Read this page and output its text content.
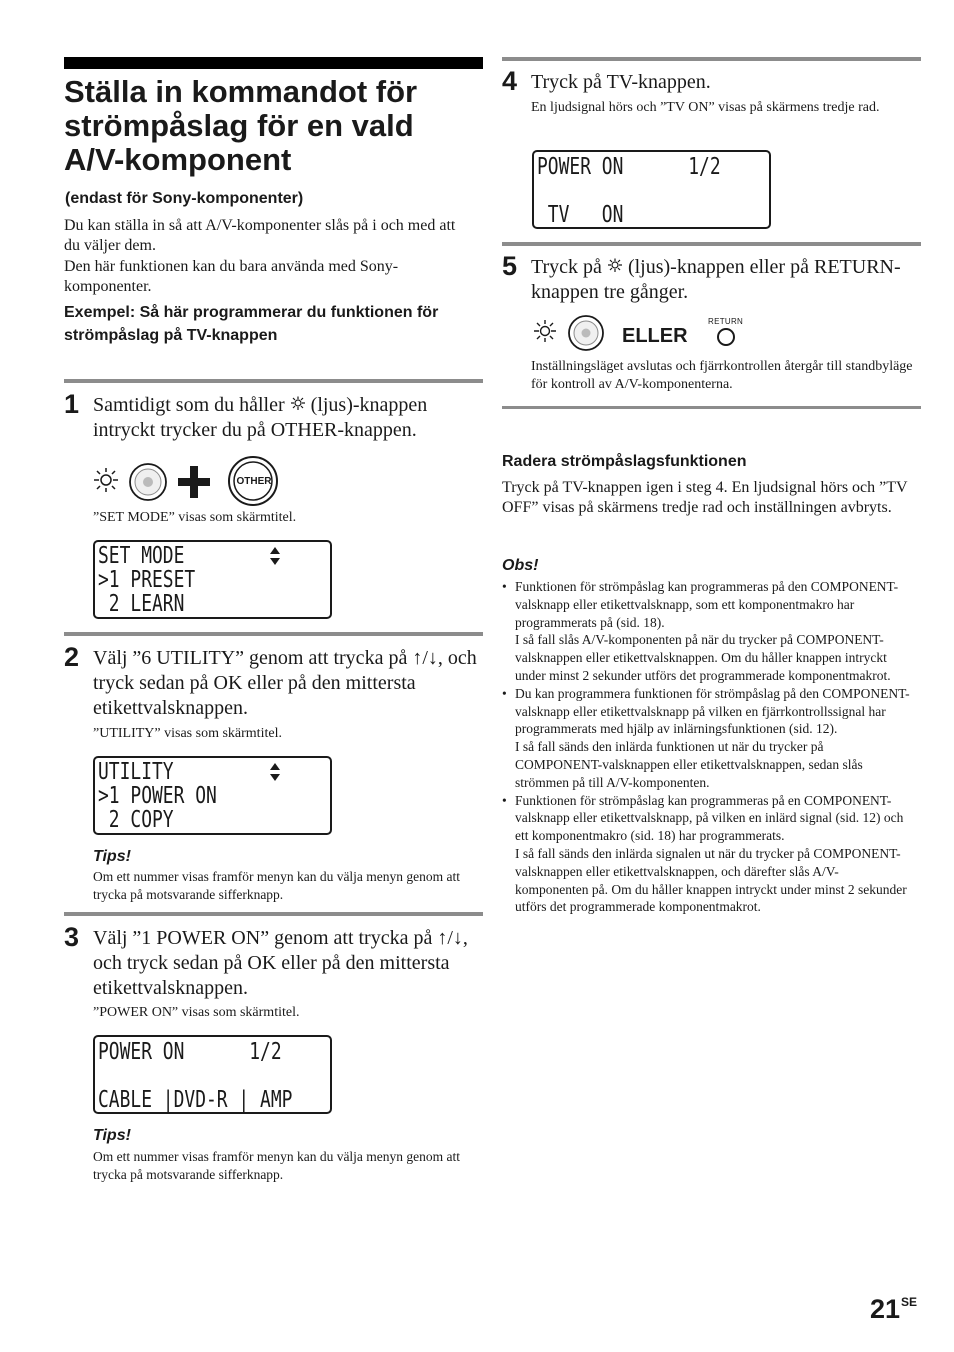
Ställa in kommandot för strömpåslag för en vald A/V-komponent
(endast för Sony-komponenter)
Du kan ställa in så att A/V-komponenter slås på i och med att du väljer dem.
Den här funktionen kan du bara använda med Sony-komponenter.
Exempel: Så här programmerar du funktionen för strömpåslag på TV-knappen
1 Samtidigt som du håller  (ljus)-knappen intryckt trycker du på OTHER-knappen.
OTHER
”SET MODE” visas som skärmtitel.
SET MODE
>1 PRESET
2 LEARN
2 Välj ”6 UTILITY” genom att trycka på ↑/↓, och tryck sedan på OK eller på den mittersta etikettvalsknappen.
”UTILITY” visas som skärmtitel.
UTILITY
>1 POWER ON
2 COPY
Tips!
Om ett nummer visas framför menyn kan du välja menyn genom att trycka på motsvarande sifferknapp.
3 Välj ”1 POWER ON” genom att trycka på ↑/↓, och tryck sedan på OK eller på den mittersta etikettvalsknappen.
”POWER ON” visas som skärmtitel.
POWER ON      1/2
CABLE |DVD-R | AMP
Tips!
Om ett nummer visas framför menyn kan du välja menyn genom att trycka på motsvarande sifferknapp.
4 Tryck på TV-knappen.
En ljudsignal hörs och ”TV ON” visas på skärmens tredje rad.
POWER ON      1/2
TV   ON
5 Tryck på  (ljus)-knappen eller på RETURN-knappen tre gånger.
ELLER
RETURN
Inställningsläget avslutas och fjärrkontrollen återgår till standbyläge för kontroll av A/V-komponenterna.
Radera strömpåslagsfunktionen
Tryck på TV-knappen igen i steg 4. En ljudsignal hörs och ”TV OFF” visas på skärmens tredje rad och inställningen avbryts.
Obs!
• Funktionen för strömpåslag kan programmeras på den COMPONENT-valsknapp eller etikettvalsknapp, som ett komponentmakro har programmerats på (sid. 18).
I så fall slås A/V-komponenten på när du trycker på COMPONENT-valsknappen eller etikettvalsknappen. Om du håller knappen intryckt under minst 2 sekunder utförs det programmerade komponentmakrot.
• Du kan programmera funktionen för strömpåslag på den COMPONENT-valsknapp eller etikettvalsknapp på vilken en fjärrkontrollssignal har programmerats med hjälp av inlärningsfunktionen (sid. 12).
I så fall sänds den inlärda funktionen ut när du trycker på COMPONENT-valsknappen eller etikettvalsknappen, sedan slås strömmen på till A/V-komponenten.
• Funktionen för strömpåslag kan programmeras på en COMPONENT-valsknapp eller etikettvalsknapp, på vilken en inlärd signal (sid. 12) och ett komponentmakro (sid. 18) har programmerats.
I så fall sänds den inlärda signalen ut när du trycker på COMPONENT-valsknappen eller etikettvalsknappen, och därefter slås A/V-komponenten på. Om du håller knappen intryckt under minst 2 sekunder utförs det programmerade komponentmakrot.
$21^{SE}$
